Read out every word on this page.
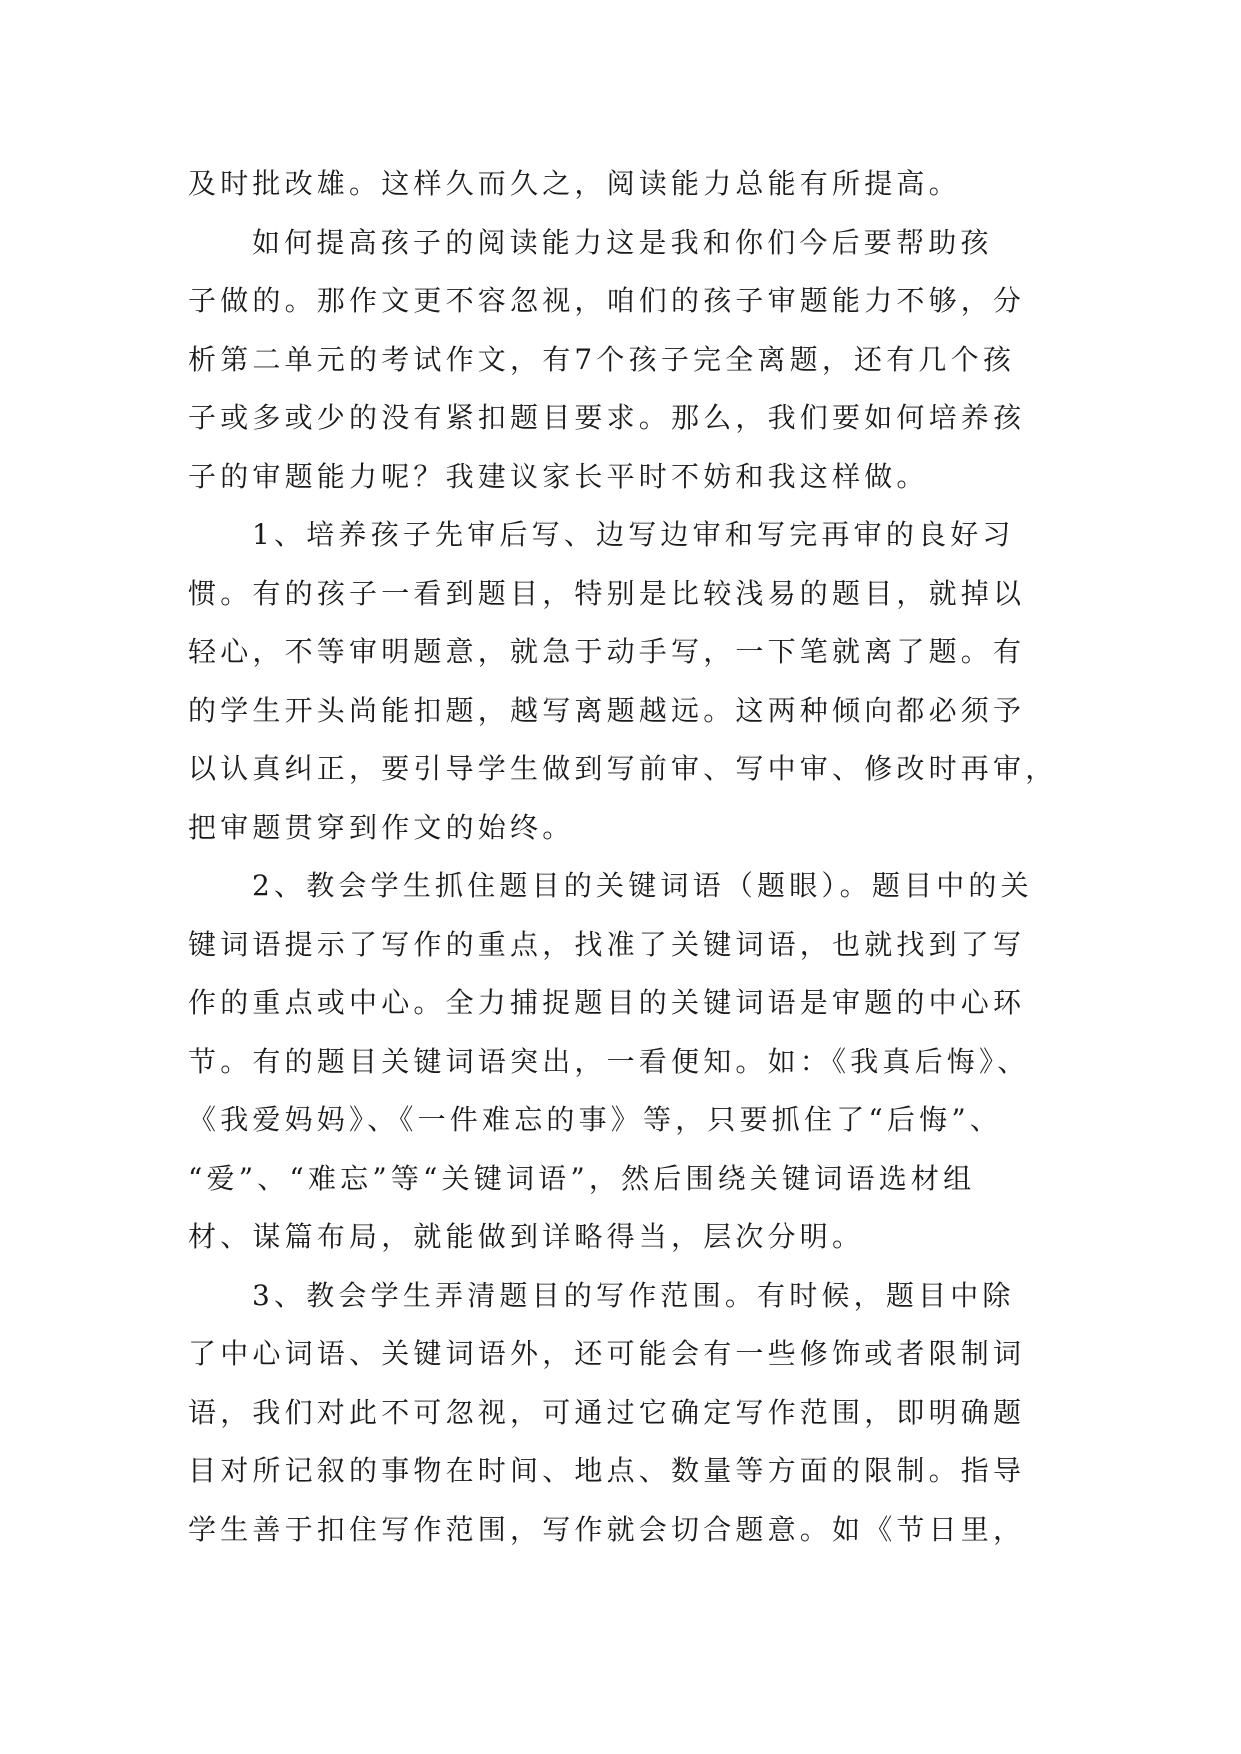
及时批改雄。这样久而久之，阅读能力总能有所提高。
如何提高孩子的阅读能力这是我和你们今后要帮助孩
子做的。那作文更不容忽视，咱们的孩子审题能力不够，分
析第二单元的考试作文，有7个孩子完全离题，还有几个孩
子或多或少的没有紧扣题目要求。那么，我们要如何培养孩
子的审题能力呢？我建议家长平时不妨和我这样做。
1、培养孩子先审后写、边写边审和写完再审的良好习
惯。有的孩子一看到题目，特别是比较浅易的题目，就掉以
轻心，不等审明题意，就急于动手写，一下笔就离了题。有
的学生开头尚能扣题，越写离题越远。这两种倾向都必须予
以认真纠正，要引导学生做到写前审、写中审、修改时再审，
把审题贯穿到作文的始终。
2、教会学生抓住题目的关键词语（题眼）。题目中的关
键词语提示了写作的重点，找准了关键词语，也就找到了写
作的重点或中心。全力捕捉题目的关键词语是审题的中心环
节。有的题目关键词语突出，一看便知。如：《我真后悔》、
《我爱妈妈》、《一件难忘的事》等，只要抓住了“后悔”、
“爱”、“难忘”等“关键词语”，然后围绕关键词语选材组
材、谋篇布局，就能做到详略得当，层次分明。
3、教会学生弄清题目的写作范围。有时候，题目中除
了中心词语、关键词语外，还可能会有一些修饰或者限制词
语，我们对此不可忽视，可通过它确定写作范围，即明确题
目对所记叙的事物在时间、地点、数量等方面的限制。指导
学生善于扣住写作范围，写作就会切合题意。如《节日里，
